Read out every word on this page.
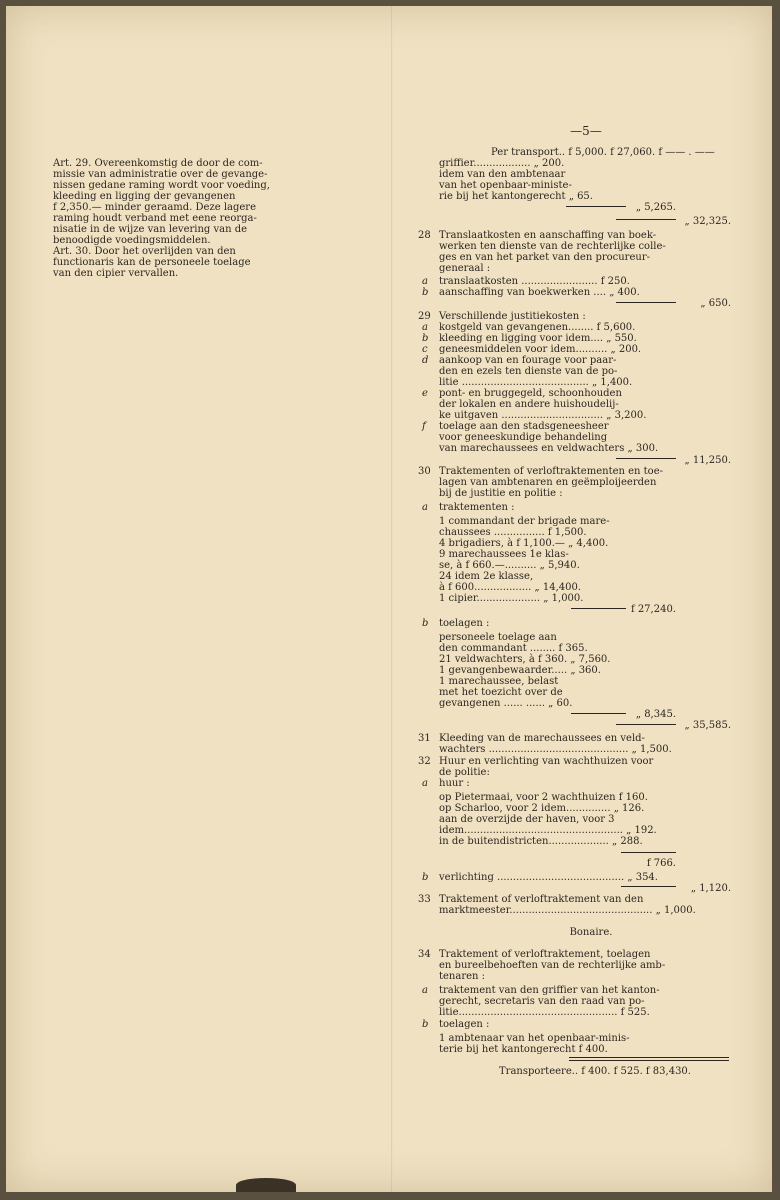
—5—
Art. 29. Overeenkomstig de door de com-
missie van administratie over de gevange-
nissen gedane raming wordt voor voeding,
kleeding en ligging der gevangenen
f 2,350.— minder geraamd. Deze lagere
raming houdt verband met eene reorga-
nisatie in de wijze van levering van de
benoodigde voedingsmiddelen.
Art. 30. Door het overlijden van den
functionaris kan de personeele toelage
van den cipier vervallen.
Per transport.. f 5,000. f 27,060. f —— . ——
griffier.................. „ 200.
idem van den ambtenaar
van het openbaar-ministe-
rie bij het kantongerecht „ 65.
„ 5,265.
„ 32,325.
28 Translaatkosten en aanschaffing van boek-
werken ten dienste van de rechterlijke colle-
ges en van het parket van den procureur-
generaal :
a translaatkosten ........................ f 250.
b aanschaffing van boekwerken .... „ 400.
„ 650.
29 Verschillende justitiekosten :
a kostgeld van gevangenen........ f 5,600.
b kleeding en ligging voor idem.... „ 550.
c geneesmiddelen voor idem.......... „ 200.
d aankoop van en fourage voor paar-
den en ezels ten dienste van de po-
litie ........................................ „ 1,400.
e pont- en bruggegeld, schoonhouden
der lokalen en andere huishoudelij-
ke uitgaven ................................ „ 3,200.
f toelage aan den stadsgeneesheer
voor geneeskundige behandeling
van marechaussees en veldwachters „ 300.
„ 11,250.
30 Traktementen of verloftraktementen en toe-
lagen van ambtenaren en geëmploijeerden
bij de justitie en politie :
a traktementen :
1 commandant der brigade mare-
chaussees ................ f 1,500.
4 brigadiers, à f 1,100.— „ 4,400.
9 marechaussees 1e klas-
se, à f 660.—.......... „ 5,940.
24 idem 2e klasse,
à f 600.................. „ 14,400.
1 cipier.................... „ 1,000.
f 27,240.
b toelagen :
personeele toelage aan
den commandant ........ f 365.
21 veldwachters, à f 360. „ 7,560.
1 gevangenbewaarder..... „ 360.
1 marechaussee, belast
met het toezicht over de
gevangenen ...... ...... „ 60.
„ 8,345.
„ 35,585.
31 Kleeding van de marechaussees en veld-
wachters ............................................ „ 1,500.
32 Huur en verlichting van wachthuizen voor
de politie:
a huur :
op Pietermaai, voor 2 wachthuizen f 160.
op Scharloo, voor 2 idem.............. „ 126.
aan de overzijde der haven, voor 3
idem.................................................. „ 192.
in de buitendistricten................... „ 288.
f 766.
b verlichting ........................................ „ 354.
„ 1,120.
33 Traktement of verloftraktement van den
marktmeester............................................. „ 1,000.
Bonaire.
34 Traktement of verloftraktement, toelagen
en bureelbehoeften van de rechterlijke amb-
tenaren :
a traktement van den griffier van het kanton-
gerecht, secretaris van den raad van po-
litie.................................................. f 525.
b toelagen :
1 ambtenaar van het openbaar-minis-
terie bij het kantongerecht f 400.
Transporteere.. f 400. f 525. f 83,430.
